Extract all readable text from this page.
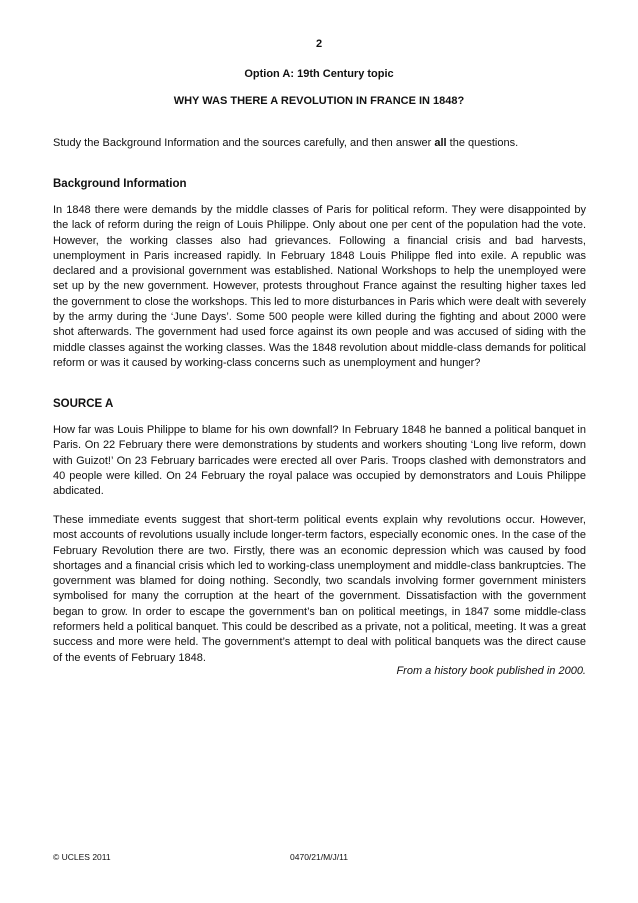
2
Option A: 19th Century topic
WHY WAS THERE A REVOLUTION IN FRANCE IN 1848?
Study the Background Information and the sources carefully, and then answer all the questions.
Background Information

In 1848 there were demands by the middle classes of Paris for political reform. They were disappointed by the lack of reform during the reign of Louis Philippe. Only about one per cent of the population had the vote. However, the working classes also had grievances. Following a financial crisis and bad harvests, unemployment in Paris increased rapidly. In February 1848 Louis Philippe fled into exile. A republic was declared and a provisional government was established. National Workshops to help the unemployed were set up by the new government. However, protests throughout France against the resulting higher taxes led the government to close the workshops. This led to more disturbances in Paris which were dealt with severely by the army during the ‘June Days’. Some 500 people were killed during the fighting and about 2000 were shot afterwards. The government had used force against its own people and was accused of siding with the middle classes against the working classes. Was the 1848 revolution about middle-class demands for political reform or was it caused by working-class concerns such as unemployment and hunger?

SOURCE A

How far was Louis Philippe to blame for his own downfall? In February 1848 he banned a political banquet in Paris. On 22 February there were demonstrations by students and workers shouting ‘Long live reform, down with Guizot!’ On 23 February barricades were erected all over Paris. Troops clashed with demonstrators and 40 people were killed. On 24 February the royal palace was occupied by demonstrators and Louis Philippe abdicated.

These immediate events suggest that short-term political events explain why revolutions occur. However, most accounts of revolutions usually include longer-term factors, especially economic ones. In the case of the February Revolution there are two. Firstly, there was an economic depression which was caused by food shortages and a financial crisis which led to working-class unemployment and middle-class bankruptcies. The government was blamed for doing nothing. Secondly, two scandals involving former government ministers symbolised for many the corruption at the heart of the government. Dissatisfaction with the government began to grow. In order to escape the government’s ban on political meetings, in 1847 some middle-class reformers held a political banquet. This could be described as a private, not a political, meeting. It was a great success and more were held. The government’s attempt to deal with political banquets was the direct cause of the events of February 1848.

From a history book published in 2000.
© UCLES 2011	0470/21/M/J/11
